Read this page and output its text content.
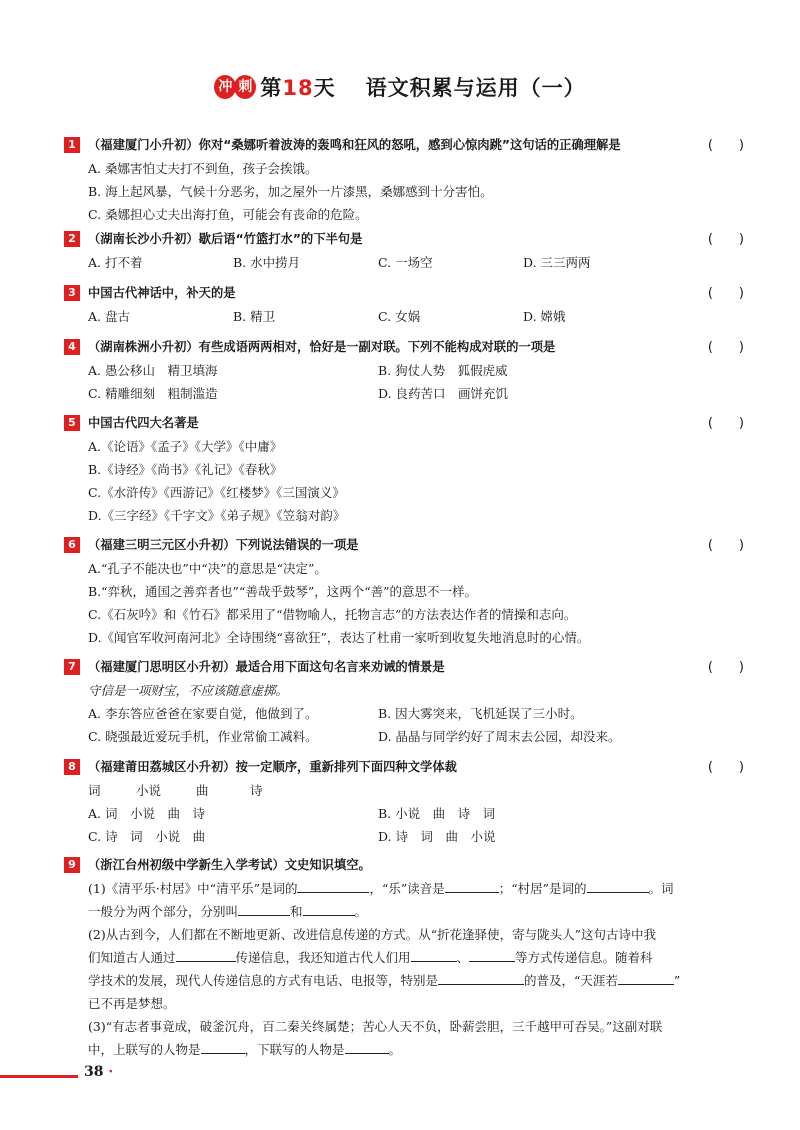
冲 刺 第18天 语文积累与运用（一）
1 （福建厦门小升初）你对“桑娜听着波涛的轰鸣和狂风的怒吼，感到心惊肉跳”这句话的正确理解是	(　　)
A. 桑娜害怕丈夫打不到鱼，孩子会挨饿。
B. 海上起风暴，气候十分恶劣，加之屋外一片漆黑，桑娜感到十分害怕。
C. 桑娜担心丈夫出海打鱼，可能会有丧命的危险。
2 （湖南长沙小升初）歇后语“竹篮打水”的下半句是	(　　)
A. 打不着	B. 水中捞月	C. 一场空	D. 三三两两
3 中国古代神话中，补天的是	(　　)
A. 盘古	B. 精卫	C. 女娲	D. 嫦娥
4 （湖南株洲小升初）有些成语两两相对，恰好是一副对联。下列不能构成对联的一项是	(　　)
A. 愚公移山　精卫填海	B. 狗仗人势　狐假虎威
C. 精雕细刻　粗制滥造	D. 良药苦口　画饼充饥
5 中国古代四大名著是	(　　)
A.《论语》《孟子》《大学》《中庸》
B.《诗经》《尚书》《礼记》《春秋》
C.《水浒传》《西游记》《红楼梦》《三国演义》
D.《三字经》《千字文》《弟子规》《笠翁对韵》
6 （福建三明三元区小升初）下列说法错误的一项是	(　　)
A.“孔子不能决也”中“决”的意思是“决定”。
B.“弈秋，通国之善弈者也”“善哉乎鼓琴”，这两个“善”的意思不一样。
C.《石灰吟》和《竹石》都采用了“借物喻人，托物言志”的方法表达作者的情操和志向。
D.《闻官军收河南河北》全诗围绕“喜欲狂”，表达了杜甫一家听到收复失地消息时的心情。
7 （福建厦门思明区小升初）最适合用下面这句名言来劝诫的情景是	(　　)
守信是一项财宝，不应该随意虚掷。
A. 李东答应爸爸在家要自觉，他做到了。	B. 因大雾突来，飞机延误了三小时。
C. 晓强最近爱玩手机，作业常偷工减料。	D. 晶晶与同学约好了周末去公园，却没来。
8 （福建莆田荔城区小升初）按一定顺序，重新排列下面四种文学体裁	(　　)
词	小说	曲	诗
A. 词　小说　曲　诗	B. 小说　曲　诗　词
C. 诗　词　小说　曲	D. 诗　词　曲　小说
9 （浙江台州初级中学新生入学考试）文史知识填空。
(1)《清平乐·村居》中“清平乐”是词的	，“乐”读音是	；“村居”是词的	。词
一般分为两个部分，分别叫	和	。
(2)从古到今，人们都在不断地更新、改进信息传递的方式。从“折花逢驿使，寄与陇头人”这句古诗中我
们知道古人通过	传递信息，我还知道古代人们用	、	等方式传递信息。随着科
学技术的发展，现代人传递信息的方式有电话、电报等，特别是	的普及，“天涯若	”
已不再是梦想。
(3)“有志者事竟成，破釜沉舟，百二秦关终属楚；苦心人天不负，卧薪尝胆，三千越甲可吞吴。”这副对联
中，上联写的人物是	，下联写的人物是	。
38 ·
